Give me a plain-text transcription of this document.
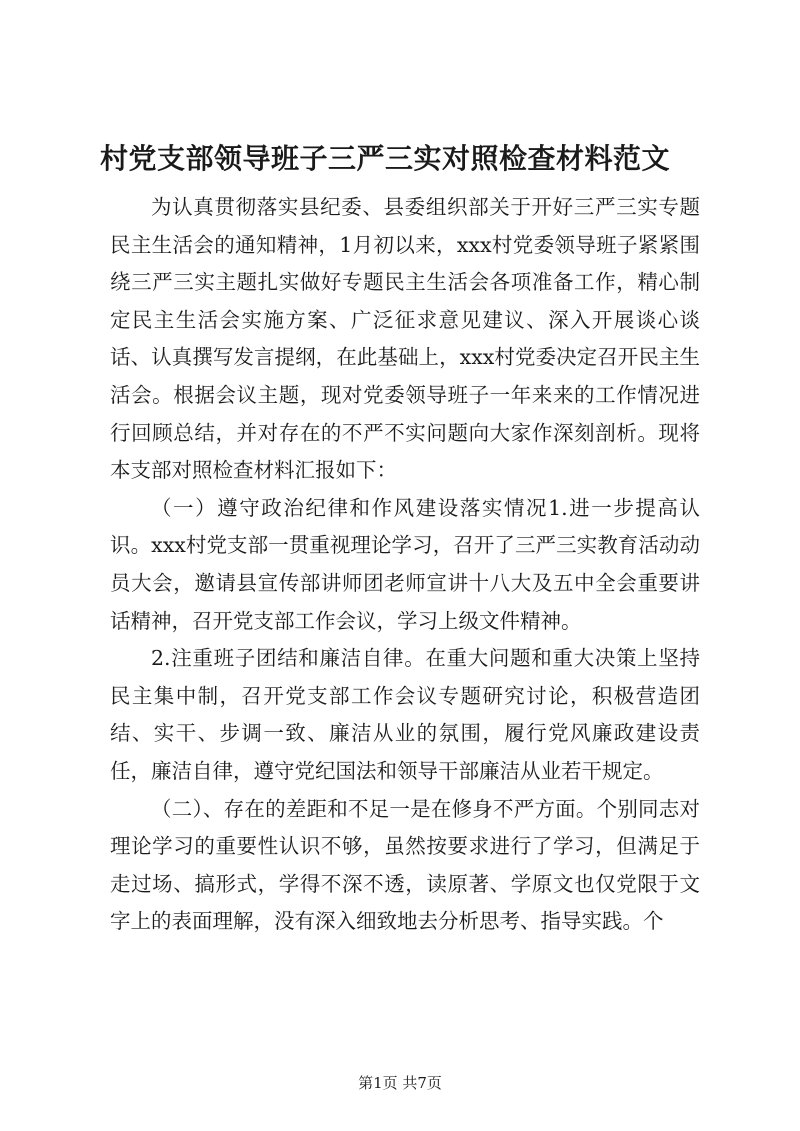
村党支部领导班子三严三实对照检查材料范文

为认真贯彻落实县纪委、县委组织部关于开好三严三实专题民主生活会的通知精神，1月初以来，xxx村党委领导班子紧紧围绕三严三实主题扎实做好专题民主生活会各项准备工作，精心制定民主生活会实施方案、广泛征求意见建议、深入开展谈心谈话、认真撰写发言提纲，在此基础上，xxx村党委决定召开民主生活会。根据会议主题，现对党委领导班子一年来来的工作情况进行回顾总结，并对存在的不严不实问题向大家作深刻剖析。现将本支部对照检查材料汇报如下：

（一）遵守政治纪律和作风建设落实情况1.进一步提高认识。xxx村党支部一贯重视理论学习，召开了三严三实教育活动动员大会，邀请县宣传部讲师团老师宣讲十八大及五中全会重要讲话精神，召开党支部工作会议，学习上级文件精神。

2.注重班子团结和廉洁自律。在重大问题和重大决策上坚持民主集中制，召开党支部工作会议专题研究讨论，积极营造团结、实干、步调一致、廉洁从业的氛围，履行党风廉政建设责任，廉洁自律，遵守党纪国法和领导干部廉洁从业若干规定。

（二）、存在的差距和不足一是在修身不严方面。个别同志对理论学习的重要性认识不够，虽然按要求进行了学习，但满足于走过场、搞形式，学得不深不透，读原著、学原文也仅党限于文字上的表面理解，没有深入细致地去分析思考、指导实践。个

第1页 共7页
